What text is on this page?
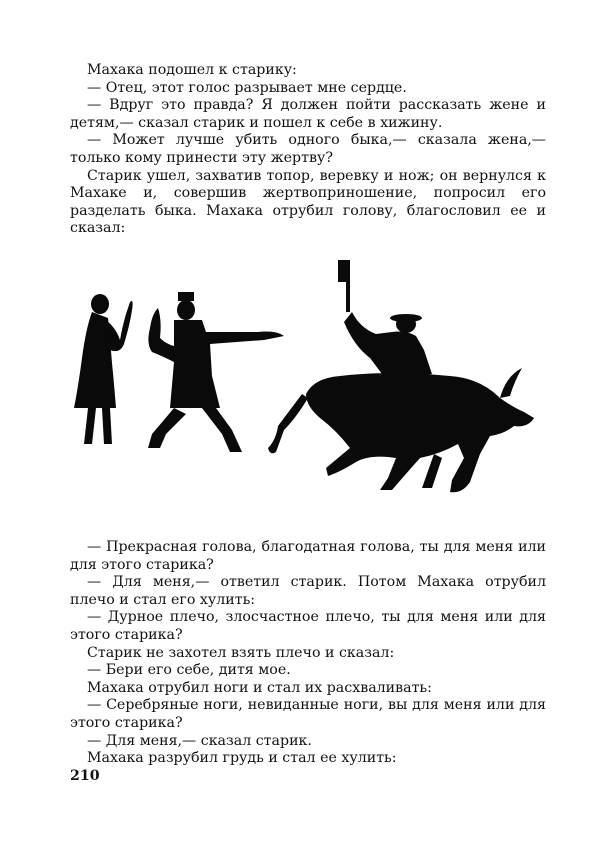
Махака подошел к старику:

— Отец, этот голос разрывает мне сердце.

— Вдруг это правда? Я должен пойти рассказать жене и детям,— сказал старик и пошел к себе в хижину.

— Может лучше убить одного быка,— сказала жена,— только кому принести эту жертву?

Старик ушел, захватив топор, веревку и нож; он вернулся к Махаке и, совершив жертвоприношение, попросил его разделать быка. Махака отрубил голову, благословил ее и сказал:

— Прекрасная голова, благодатная голова, ты для меня или для этого старика?

— Для меня,— ответил старик. Потом Махака отрубил плечо и стал его хулить:

— Дурное плечо, злосчастное плечо, ты для меня или для этого старика?

Старик не захотел взять плечо и сказал:

— Бери его себе, дитя мое.

Махака отрубил ноги и стал их расхваливать:

— Серебряные ноги, невиданные ноги, вы для меня или для этого старика?

— Для меня,— сказал старик.

Махака разрубил грудь и стал ее хулить:

210
